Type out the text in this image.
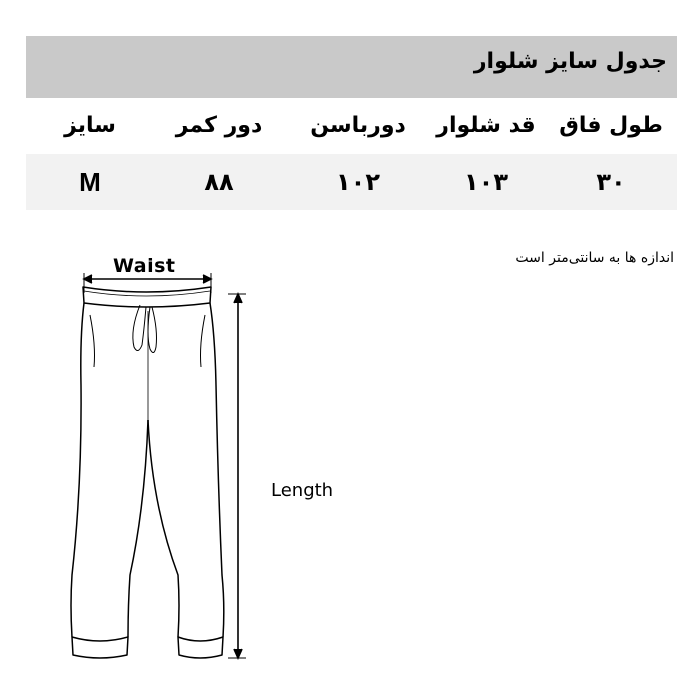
جدول سایز شلوار
سایز	دور کمر	دورباسن	قد شلوار	طول فاق
M	۸۸	۱۰۲	۱۰۳	۳۰
اندازه ها به سانتی‌متر است
Waist
Length
